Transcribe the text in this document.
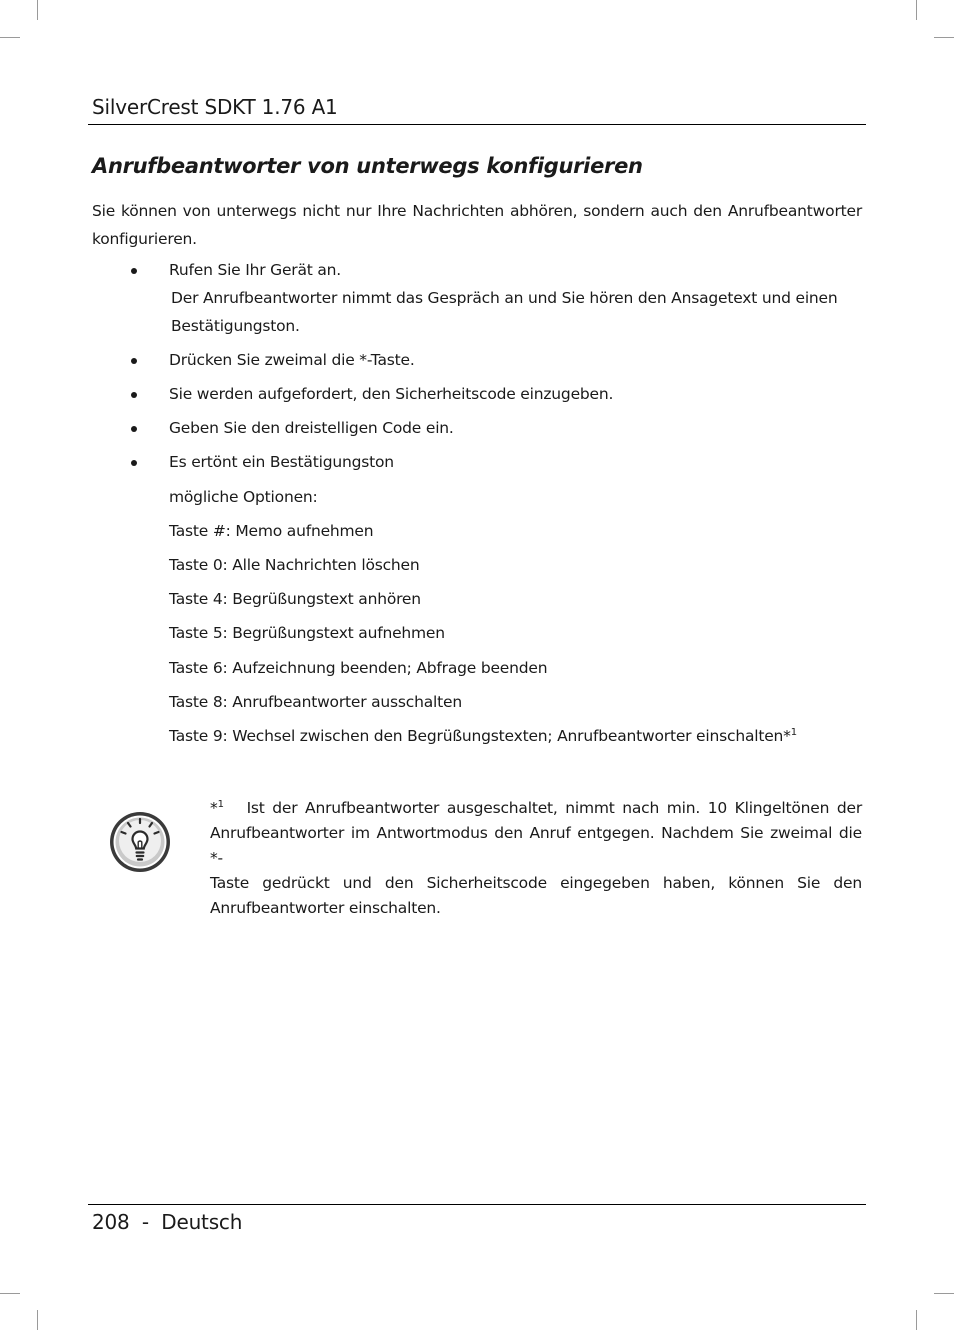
SilverCrest SDKT 1.76 A1
Anrufbeantworter von unterwegs konfigurieren
Sie können von unterwegs nicht nur Ihre Nachrichten abhören, sondern auch den Anrufbeantworter
konfigurieren.
Rufen Sie Ihr Gerät an.
Der Anrufbeantworter nimmt das Gespräch an und Sie hören den Ansagetext und einen
Bestätigungston.
Drücken Sie zweimal die *-Taste.
Sie werden aufgefordert, den Sicherheitscode einzugeben.
Geben Sie den dreistelligen Code ein.
Es ertönt ein Bestätigungston
mögliche Optionen:
Taste #: Memo aufnehmen
Taste 0: Alle Nachrichten löschen
Taste 4: Begrüßungstext anhören
Taste 5: Begrüßungstext aufnehmen
Taste 6: Aufzeichnung beenden; Abfrage beenden
Taste 8: Anrufbeantworter ausschalten
Taste 9: Wechsel zwischen den Begrüßungstexten; Anrufbeantworter einschalten*$^1$
*$^1$ Ist der Anrufbeantworter ausgeschaltet, nimmt nach min. 10 Klingeltönen der
Anrufbeantworter im Antwortmodus den Anruf entgegen. Nachdem Sie zweimal die *-
Taste gedrückt und den Sicherheitscode eingegeben haben, können Sie den
Anrufbeantworter einschalten.
208 - Deutsch
